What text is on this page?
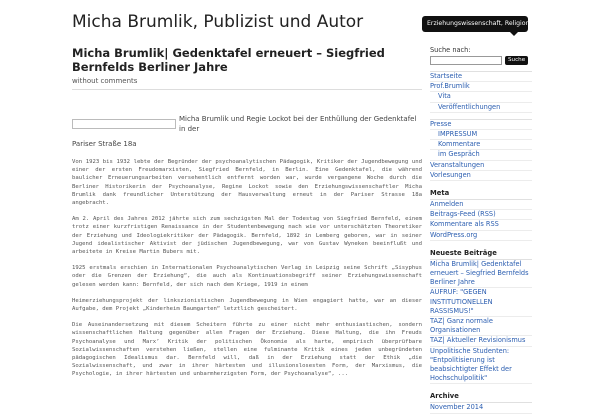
Micha Brumlik, Publizist und Autor	Erziehungswissenschaft, Religionsphilosophie, Politik
Micha Brumlik| Gedenktafel erneuert – Siegfried Bernfelds Berliner Jahre
without comments
Micha Brumlik und Regie Lockot bei der Enthüllung der Gedenktafel in der
Pariser Straße 18a

Von 1923 bis 1932 lebte der Begründer der psychoanalytischen Pädagogik, Kritiker der Jugendbewegung und einer der ersten Freudomarxisten, Siegfried Bernfeld, in Berlin. Eine Gedenktafel, die während baulicher Erneuerungsarbeiten versehentlich entfernt worden war, wurde vergangene Woche durch die Berliner Historikerin der Psychoanalyse, Regine Lockot sowie den Erziehungswissenschaftler Micha Brumlik dank freundlicher Unterstützung der Hausverwaltung erneut in der Pariser Strasse 18a angebracht.

Am 2. April des Jahres 2012 jährte sich zum sechzigsten Mal der Todestag von Siegfried Bernfeld, einem trotz einer kurzfristigen Renaissance in der Studentenbewegung nach wie vor unterschätzten Theoretiker der Erziehung und Ideologiekritiker der Pädagogik. Bernfeld, 1892 in Lemberg geboren, war in seiner Jugend idealistischer Aktivist der jüdischen Jugendbewegung, war von Gustav Wyneken beeinflußt und arbeitete in Kreise Martin Bubers mit.

1925 erstmals erschien in Internationalen Psychoanalytischen Verlag in Leipzig seine Schrift „Sisyphus oder die Grenzen der Erziehung“, die auch als Kontinuationsbegriff seiner Erziehungswissenschaft gelesen werden kann: Bernfeld, der sich nach dem Kriege, 1919 in einem

Heimerziehungsprojekt der linkszionistischen Jugendbewegung in Wien engagiert hatte, war an dieser Aufgabe, dem Projekt „Kinderheim Baumgarten“ letztlich gescheitert.

Die Auseinandersetzung mit diesem Scheitern führte zu einer nicht mehr enthusiastischen, sondern wissenschaftlichen Haltung gegenüber allen Fragen der Erziehung. Diese Haltung, die ihn Freuds Psychoanalyse und Marx’ Kritik der politischen Ökonomie als harte, empirisch überprüfbare Sozialwissenschaften verstehen ließen, stellen eine fulminante Kritik eines jeden unbegründeten pädagogischen Idealismus dar. Bernfeld will, daß in der Erziehung statt der Ethik „die Sozialwissenschaft, und zwar in ihrer härtesten und illusionslosesten Form, der Marxismus, die Psychologie, in ihrer härtesten und unbarmherzigsten Form, der Psychoanalyse“, ...

Suche nach:
Suche
Startseite
Prof.Brumlik
Vita
Veröffentlichungen
Presse
IMPRESSUM
Kommentare
im Gespräch
Veranstaltungen
Vorlesungen
Meta
Anmelden
Beitrags-Feed (RSS)
Kommentare als RSS
WordPress.org
Neueste Beiträge
Micha Brumlik| Gedenktafel erneuert – Siegfried Bernfelds Berliner Jahre
AUFRUF: "GEGEN INSTITUTIONELLEN RASSISMUS!"
TAZ| Ganz normale Organisationen
TAZ| Aktueller Revisionismus
Unpolitische Studenten: "Entpolitisierung ist beabsichtigter Effekt der Hochschulpolitik"
Archive
November 2014
